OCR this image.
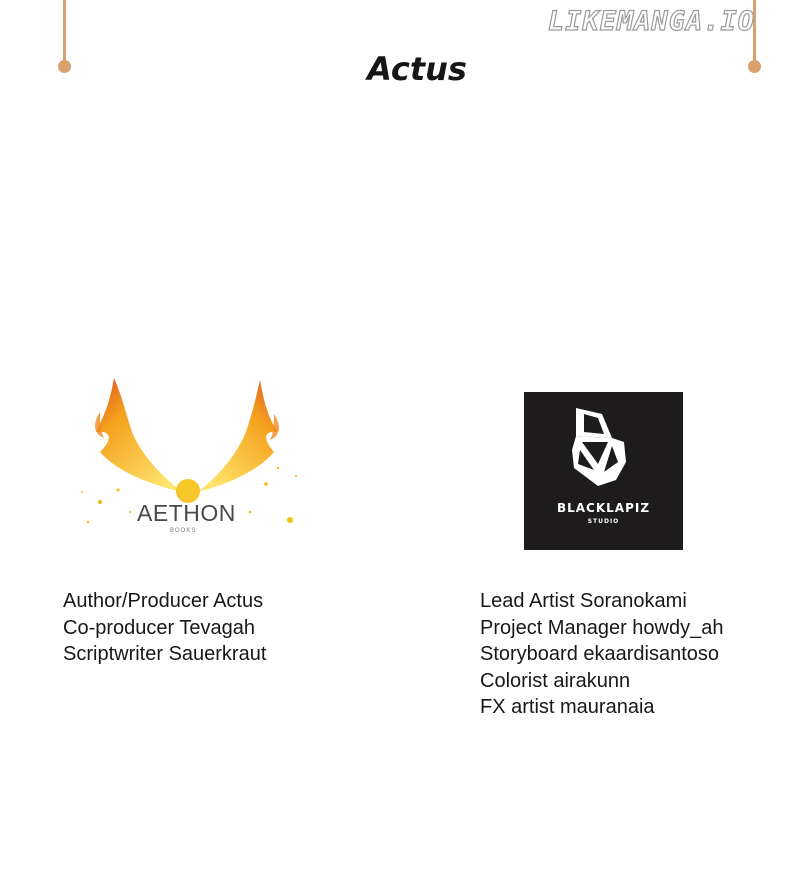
LIKEMANGA.IO
Actus
AETHON
BOOKS
BLACKLAPIZ
STUDIO
Author/Producer Actus
Co-producer Tevagah
Scriptwriter Sauerkraut
Lead Artist Soranokami
Project Manager howdy_ah
Storyboard ekaardisantoso
Colorist airakunn
FX artist mauranaia
